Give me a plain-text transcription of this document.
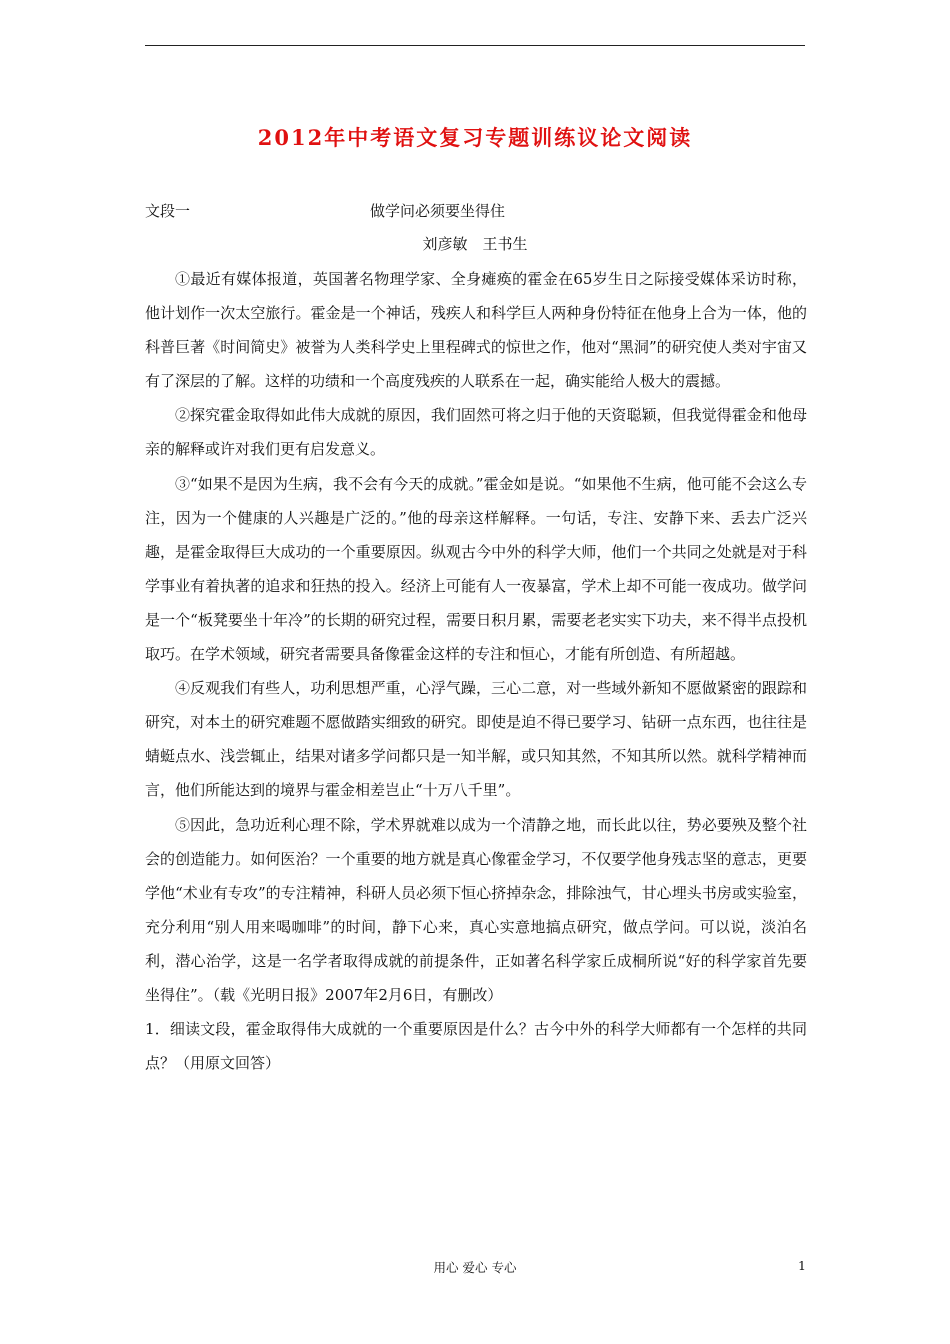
2012年中考语文复习专题训练议论文阅读
文段一	做学问必须要坐得住
刘彦敏　王书生

①最近有媒体报道，英国著名物理学家、全身瘫痪的霍金在65岁生日之际接受媒体采访时称，他计划作一次太空旅行。霍金是一个神话，残疾人和科学巨人两种身份特征在他身上合为一体，他的科普巨著《时间简史》被誉为人类科学史上里程碑式的惊世之作，他对“黑洞”的研究使人类对宇宙又有了深层的了解。这样的功绩和一个高度残疾的人联系在一起，确实能给人极大的震撼。

②探究霍金取得如此伟大成就的原因，我们固然可将之归于他的天资聪颖，但我觉得霍金和他母亲的解释或许对我们更有启发意义。

③“如果不是因为生病，我不会有今天的成就。”霍金如是说。“如果他不生病，他可能不会这么专注，因为一个健康的人兴趣是广泛的。”他的母亲这样解释。一句话，专注、安静下来、丢去广泛兴趣，是霍金取得巨大成功的一个重要原因。纵观古今中外的科学大师，他们一个共同之处就是对于科学事业有着执著的追求和狂热的投入。经济上可能有人一夜暴富，学术上却不可能一夜成功。做学问是一个“板凳要坐十年冷”的长期的研究过程，需要日积月累，需要老老实实下功夫，来不得半点投机取巧。在学术领域，研究者需要具备像霍金这样的专注和恒心，才能有所创造、有所超越。

④反观我们有些人，功利思想严重，心浮气躁，三心二意，对一些域外新知不愿做紧密的跟踪和研究，对本土的研究难题不愿做踏实细致的研究。即使是迫不得已要学习、钻研一点东西，也往往是蜻蜓点水、浅尝辄止，结果对诸多学问都只是一知半解，或只知其然，不知其所以然。就科学精神而言，他们所能达到的境界与霍金相差岂止“十万八千里”。

⑤因此，急功近利心理不除，学术界就难以成为一个清静之地，而长此以往，势必要殃及整个社会的创造能力。如何医治？一个重要的地方就是真心像霍金学习，不仅要学他身残志坚的意志，更要学他“术业有专攻”的专注精神，科研人员必须下恒心挤掉杂念，排除浊气，甘心埋头书房或实验室，充分利用“别人用来喝咖啡”的时间，静下心来，真心实意地搞点研究，做点学问。可以说，淡泊名利，潜心治学，这是一名学者取得成就的前提条件，正如著名科学家丘成桐所说“好的科学家首先要坐得住”。（载《光明日报》2007年2月6日，有删改）

1．细读文段，霍金取得伟大成就的一个重要原因是什么？古今中外的科学大师都有一个怎样的共同点？（用原文回答）

用心 爱心 专心	1
